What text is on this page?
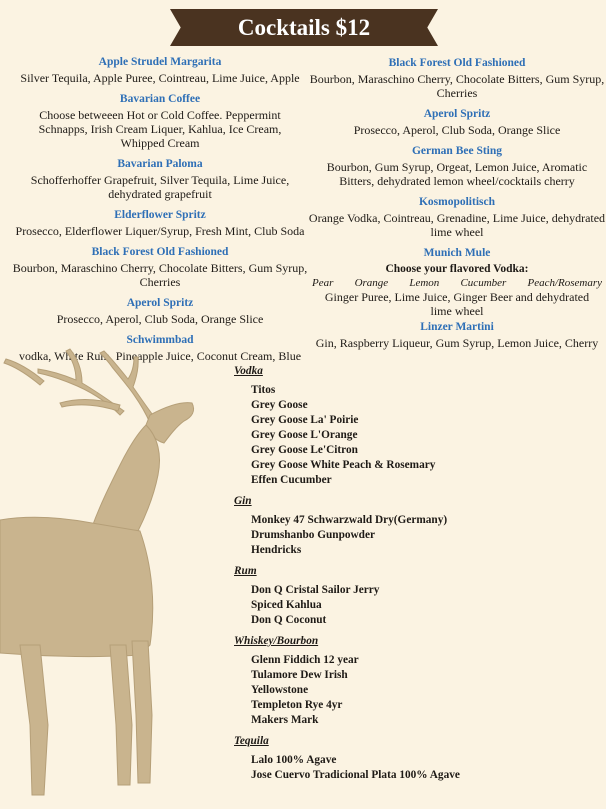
Cocktails $12
Apple Strudel Margarita
Silver Tequila, Apple Puree, Cointreau, Lime Juice, Apple
Bavarian Coffee
Choose betweeen Hot or Cold Coffee. Peppermint Schnapps, Irish Cream Liquer, Kahlua, Ice Cream, Whipped Cream
Bavarian Paloma
Schofferhoffer Grapefruit, Silver Tequila, Lime Juice, dehydrated grapefruit
Elderflower Spritz
Prosecco, Elderflower Liquer/Syrup, Fresh Mint, Club Soda
Black Forest Old Fashioned
Bourbon, Maraschino Cherry, Chocolate Bitters, Gum Syrup, Cherries
Aperol Spritz
Prosecco, Aperol, Club Soda, Orange Slice
Schwimmbad
vodka, White Rum, Pineapple Juice, Coconut Cream, Blue
Black Forest Old Fashioned
Bourbon, Maraschino Cherry, Chocolate Bitters, Gum Syrup, Cherries
Aperol Spritz
Prosecco, Aperol, Club Soda, Orange Slice
German Bee Sting
Bourbon, Gum Syrup, Orgeat, Lemon Juice, Aromatic Bitters, dehydrated lemon wheel/cocktails cherry
Kosmopolitisch
Orange Vodka, Cointreau, Grenadine, Lime Juice, dehydrated lime wheel
Munich Mule
Choose your flavored Vodka:
Pear Orange Lemon Cucumber Peach/Rosemary
Ginger Puree, Lime Juice, Ginger Beer and dehydrated lime wheel
Linzer Martini
Gin, Raspberry Liqueur, Gum Syrup, Lemon Juice, Cherry
Vodka
Titos
Grey Goose
Grey Goose La' Poirie
Grey Goose L'Orange
Grey Goose Le'Citron
Grey Goose White Peach & Rosemary
Effen Cucumber
Gin
Monkey 47 Schwarzwald Dry(Germany)
Drumshanbo Gunpowder
Hendricks
Rum
Don Q Cristal Sailor Jerry
Spiced Kahlua
Don Q Coconut
Whiskey/Bourbon
Glenn Fiddich 12 year
Tulamore Dew Irish
Yellowstone
Templeton Rye 4yr
Makers Mark
Tequila
Lalo 100% Agave
Jose Cuervo Tradicional Plata 100% Agave
